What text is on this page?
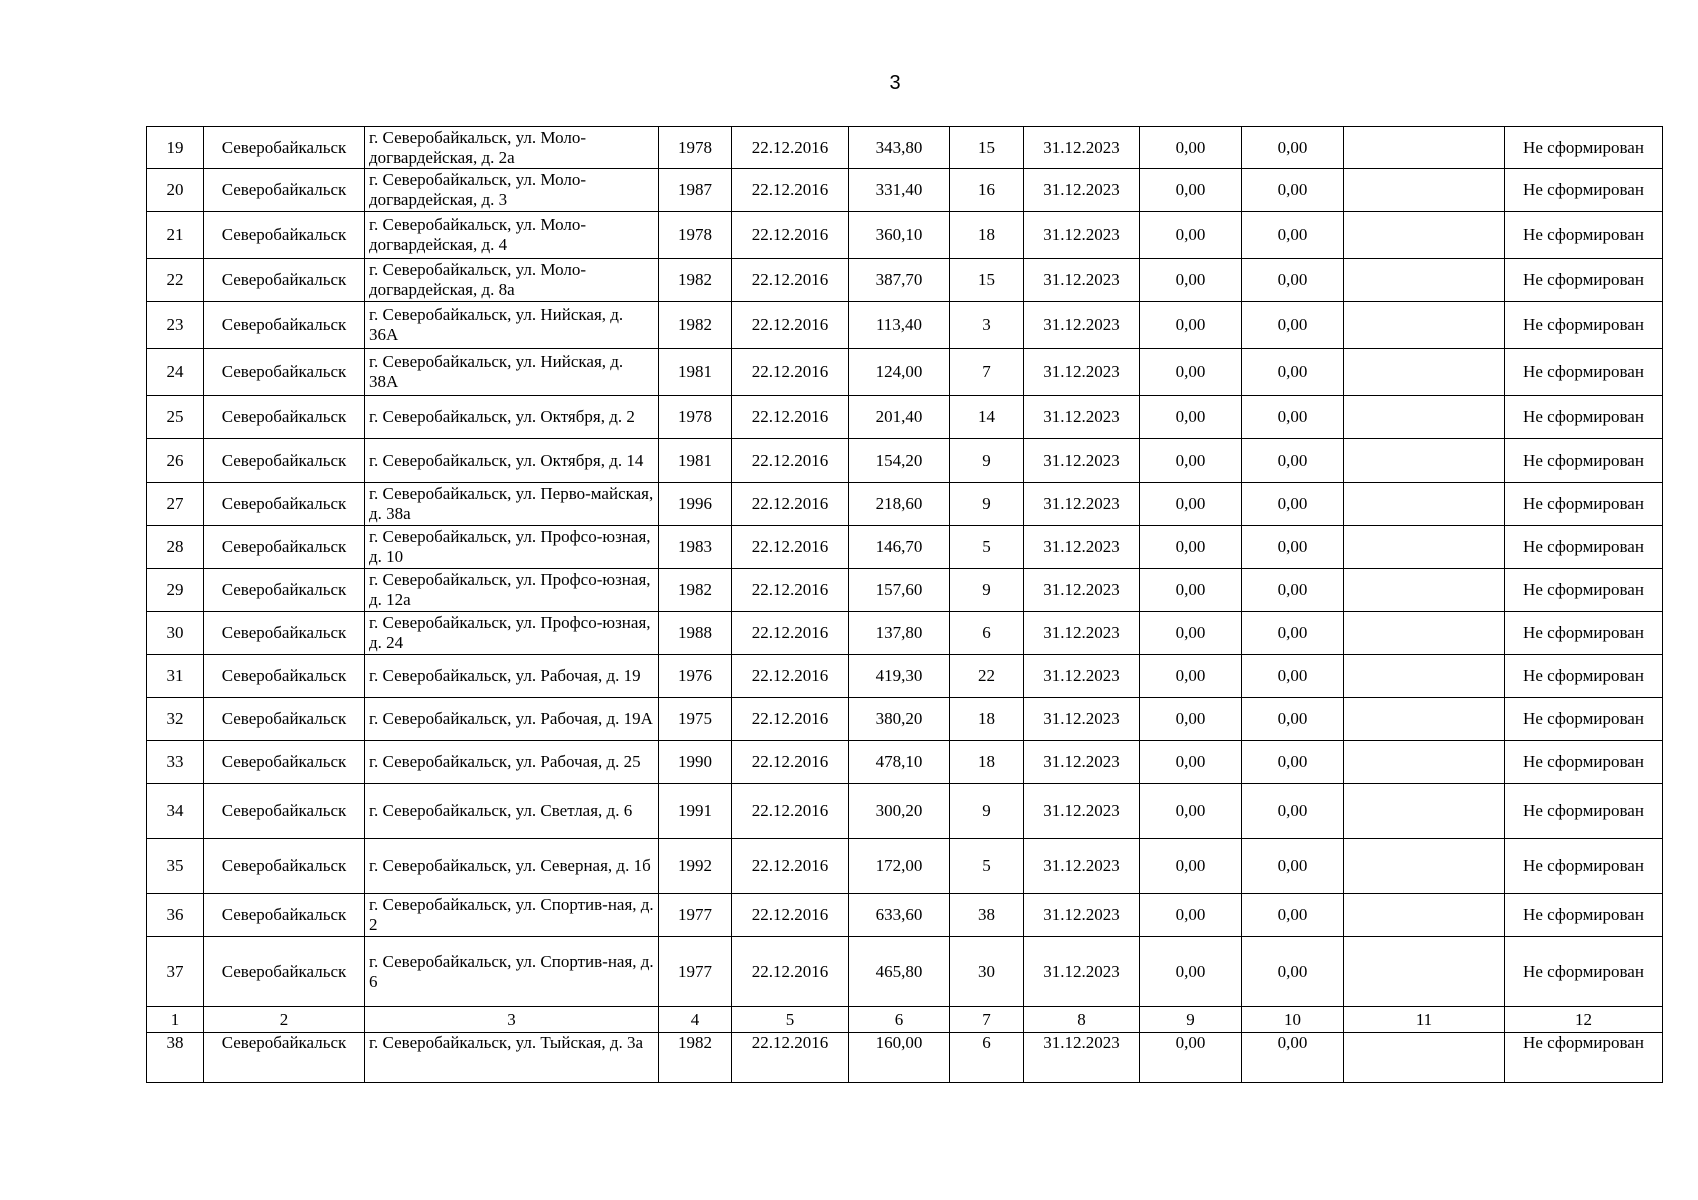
3
19	Северобайкальск	г. Северобайкальск, ул. Моло-догвардейская, д. 2а	1978	22.12.2016	343,80	15	31.12.2023	0,00	0,00		Не сформирован
20	Северобайкальск	г. Северобайкальск, ул. Моло-догвардейская, д. 3	1987	22.12.2016	331,40	16	31.12.2023	0,00	0,00		Не сформирован
21	Северобайкальск	г. Северобайкальск, ул. Моло-догвардейская, д. 4	1978	22.12.2016	360,10	18	31.12.2023	0,00	0,00		Не сформирован
22	Северобайкальск	г. Северобайкальск, ул. Моло-догвардейская, д. 8а	1982	22.12.2016	387,70	15	31.12.2023	0,00	0,00		Не сформирован
23	Северобайкальск	г. Северобайкальск, ул. Нийская, д. 36А	1982	22.12.2016	113,40	3	31.12.2023	0,00	0,00		Не сформирован
24	Северобайкальск	г. Северобайкальск, ул. Нийская, д. 38А	1981	22.12.2016	124,00	7	31.12.2023	0,00	0,00		Не сформирован
25	Северобайкальск	г. Северобайкальск, ул. Октября, д. 2	1978	22.12.2016	201,40	14	31.12.2023	0,00	0,00		Не сформирован
26	Северобайкальск	г. Северобайкальск, ул. Октября, д. 14	1981	22.12.2016	154,20	9	31.12.2023	0,00	0,00		Не сформирован
27	Северобайкальск	г. Северобайкальск, ул. Перво-майская, д. 38а	1996	22.12.2016	218,60	9	31.12.2023	0,00	0,00		Не сформирован
28	Северобайкальск	г. Северобайкальск, ул. Профсо-юзная, д. 10	1983	22.12.2016	146,70	5	31.12.2023	0,00	0,00		Не сформирован
29	Северобайкальск	г. Северобайкальск, ул. Профсо-юзная, д. 12а	1982	22.12.2016	157,60	9	31.12.2023	0,00	0,00		Не сформирован
30	Северобайкальск	г. Северобайкальск, ул. Профсо-юзная, д. 24	1988	22.12.2016	137,80	6	31.12.2023	0,00	0,00		Не сформирован
31	Северобайкальск	г. Северобайкальск, ул. Рабочая, д. 19	1976	22.12.2016	419,30	22	31.12.2023	0,00	0,00		Не сформирован
32	Северобайкальск	г. Северобайкальск, ул. Рабочая, д. 19А	1975	22.12.2016	380,20	18	31.12.2023	0,00	0,00		Не сформирован
33	Северобайкальск	г. Северобайкальск, ул. Рабочая, д. 25	1990	22.12.2016	478,10	18	31.12.2023	0,00	0,00		Не сформирован
34	Северобайкальск	г. Северобайкальск, ул. Светлая, д. 6	1991	22.12.2016	300,20	9	31.12.2023	0,00	0,00		Не сформирован
35	Северобайкальск	г. Северобайкальск, ул. Северная, д. 1б	1992	22.12.2016	172,00	5	31.12.2023	0,00	0,00		Не сформирован
36	Северобайкальск	г. Северобайкальск, ул. Спортив-ная, д. 2	1977	22.12.2016	633,60	38	31.12.2023	0,00	0,00		Не сформирован
37	Северобайкальск	г. Северобайкальск, ул. Спортив-ная, д. 6	1977	22.12.2016	465,80	30	31.12.2023	0,00	0,00		Не сформирован
1	2	3	4	5	6	7	8	9	10	11	12
38	Северобайкальск	г. Северобайкальск, ул. Тыйская, д. 3а	1982	22.12.2016	160,00	6	31.12.2023	0,00	0,00		Не сформирован
